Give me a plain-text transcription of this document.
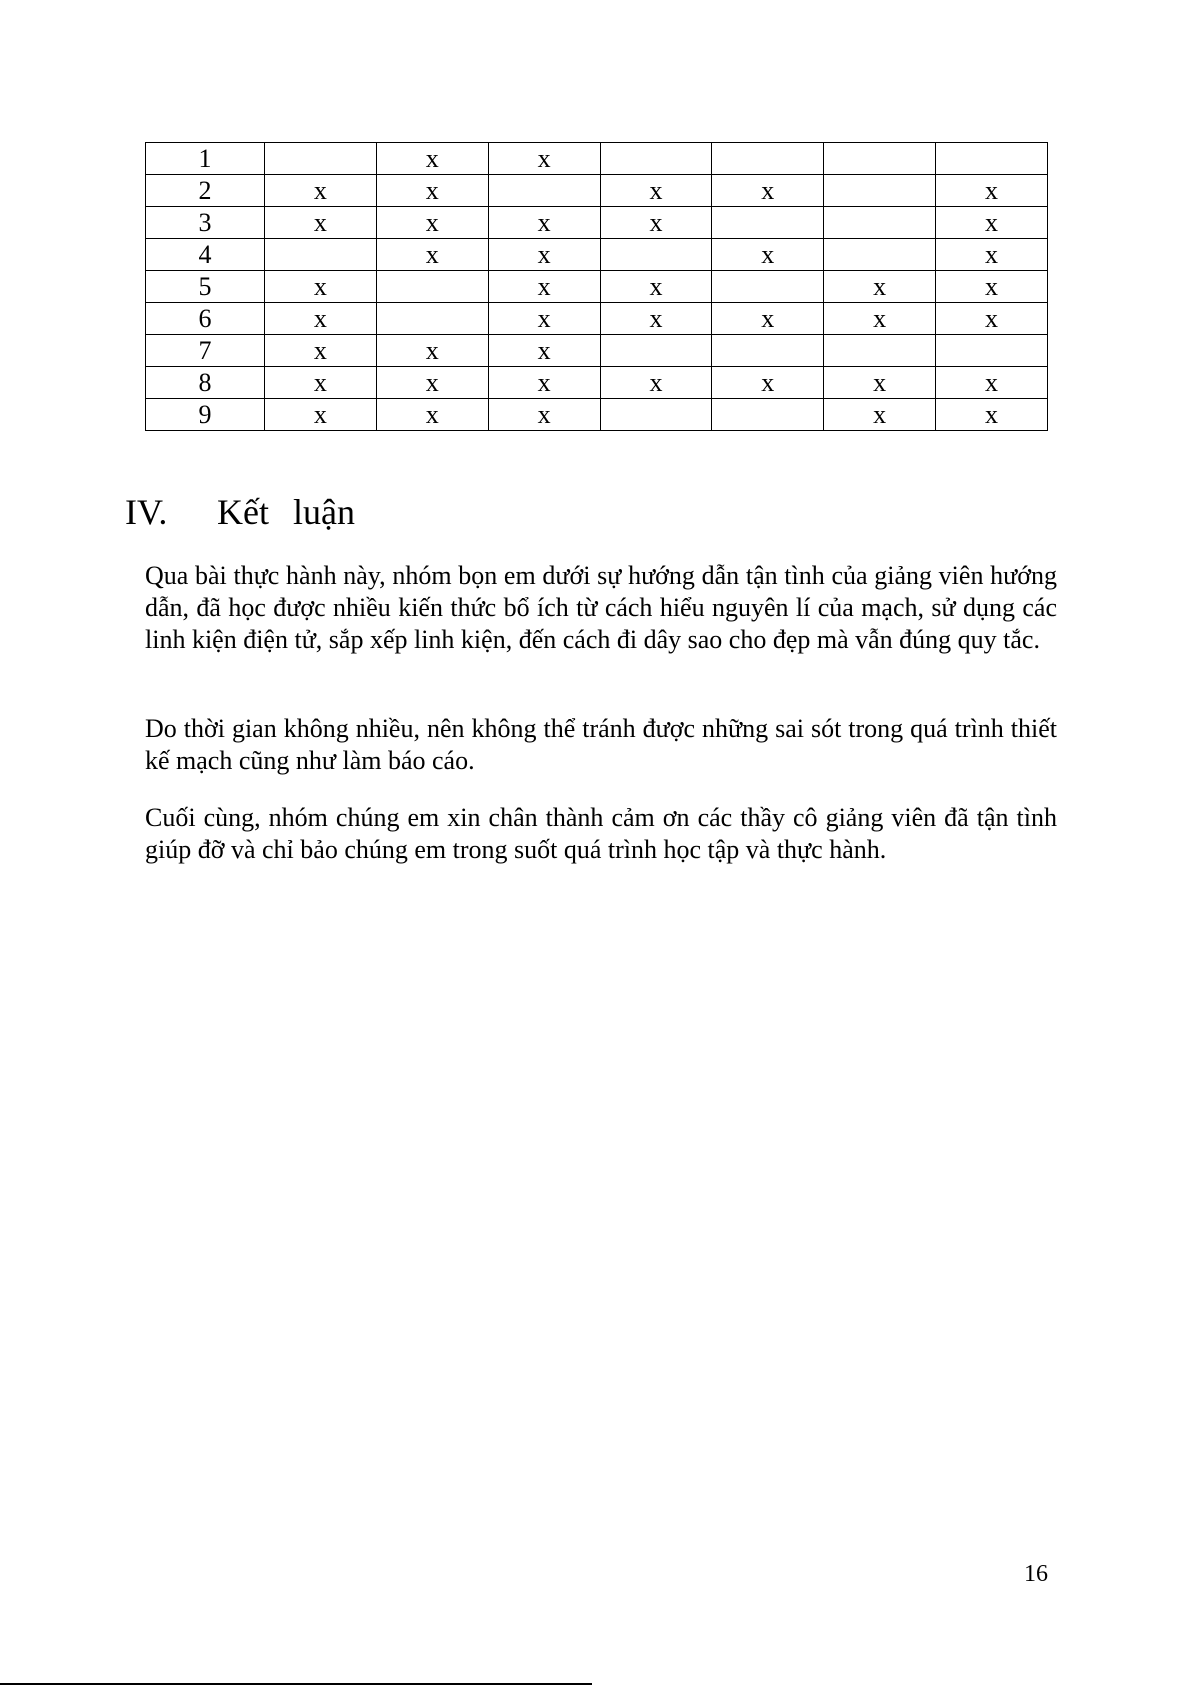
1		x	x				
2	x	x		x	x		x
3	x	x	x	x			x
4		x	x		x		x
5	x		x	x		x	x
6	x		x	x	x	x	x
7	x	x	x				
8	x	x	x	x	x	x	x
9	x	x	x			x	x
IV. Kết luận

Qua bài thực hành này, nhóm bọn em dưới sự hướng dẫn tận tình của giảng viên hướng dẫn, đã học được nhiều kiến thức bổ ích từ cách hiểu nguyên lí của mạch, sử dụng các linh kiện điện tử, sắp xếp linh kiện, đến cách đi dây sao cho đẹp mà vẫn đúng quy tắc.

Do thời gian không nhiều, nên không thể tránh được những sai sót trong quá trình thiết kế mạch cũng như làm báo cáo.

Cuối cùng, nhóm chúng em xin chân thành cảm ơn các thầy cô giảng viên đã tận tình giúp đỡ và chỉ bảo chúng em trong suốt quá trình học tập và thực hành.

16
